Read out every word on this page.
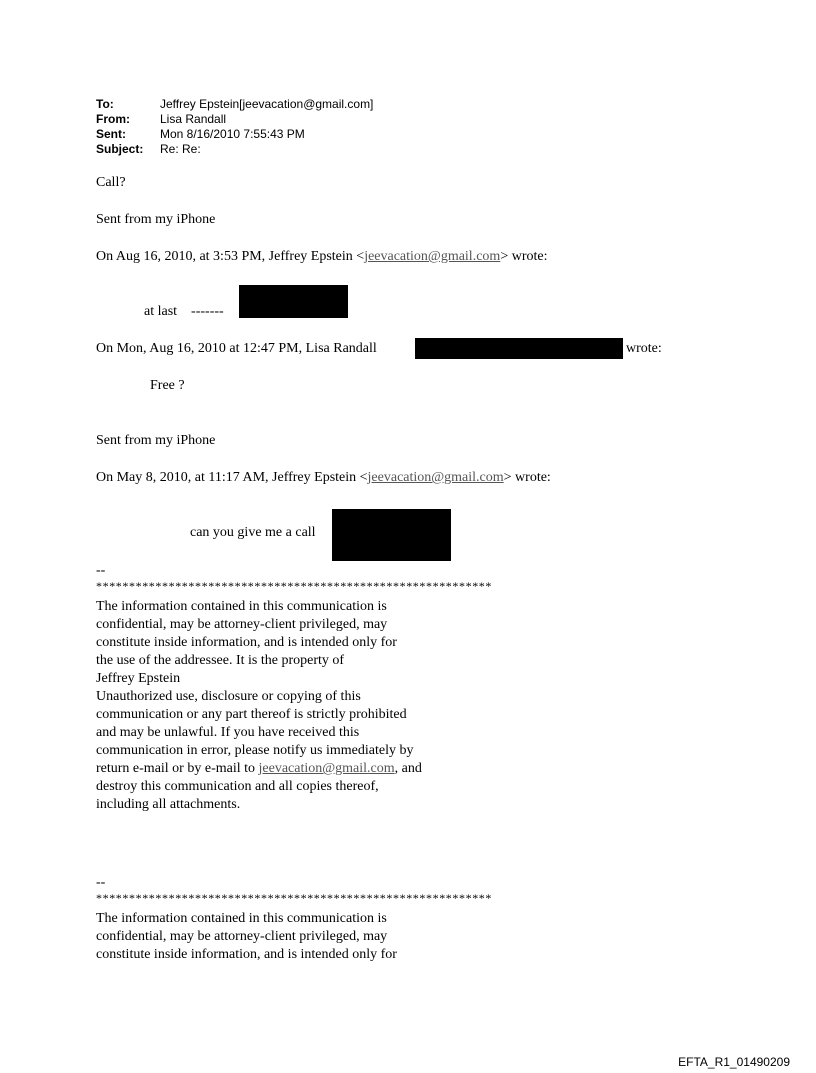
To:	Jeffrey Epstein[jeevacation@gmail.com]
From:	Lisa Randall
Sent:	Mon 8/16/2010 7:55:43 PM
Subject: Re: Re:
Call?
Sent from my iPhone
On Aug 16, 2010, at 3:53 PM, Jeffrey Epstein <jeevacation@gmail.com> wrote:
at last -------
On Mon, Aug 16, 2010 at 12:47 PM, Lisa Randall	wrote:
Free ?
Sent from my iPhone
On May 8, 2010, at 11:17 AM, Jeffrey Epstein <jeevacation@gmail.com> wrote:
can you give me a call
--
************************************************************
The information contained in this communication is
confidential, may be attorney-client privileged, may
constitute inside information, and is intended only for
the use of the addressee. It is the property of
Jeffrey Epstein
Unauthorized use, disclosure or copying of this
communication or any part thereof is strictly prohibited
and may be unlawful. If you have received this
communication in error, please notify us immediately by
return e-mail or by e-mail to jeevacation@gmail.com, and
destroy this communication and all copies thereof,
including all attachments.
--
************************************************************
The information contained in this communication is
confidential, may be attorney-client privileged, may
constitute inside information, and is intended only for
EFTA_R1_01490209
